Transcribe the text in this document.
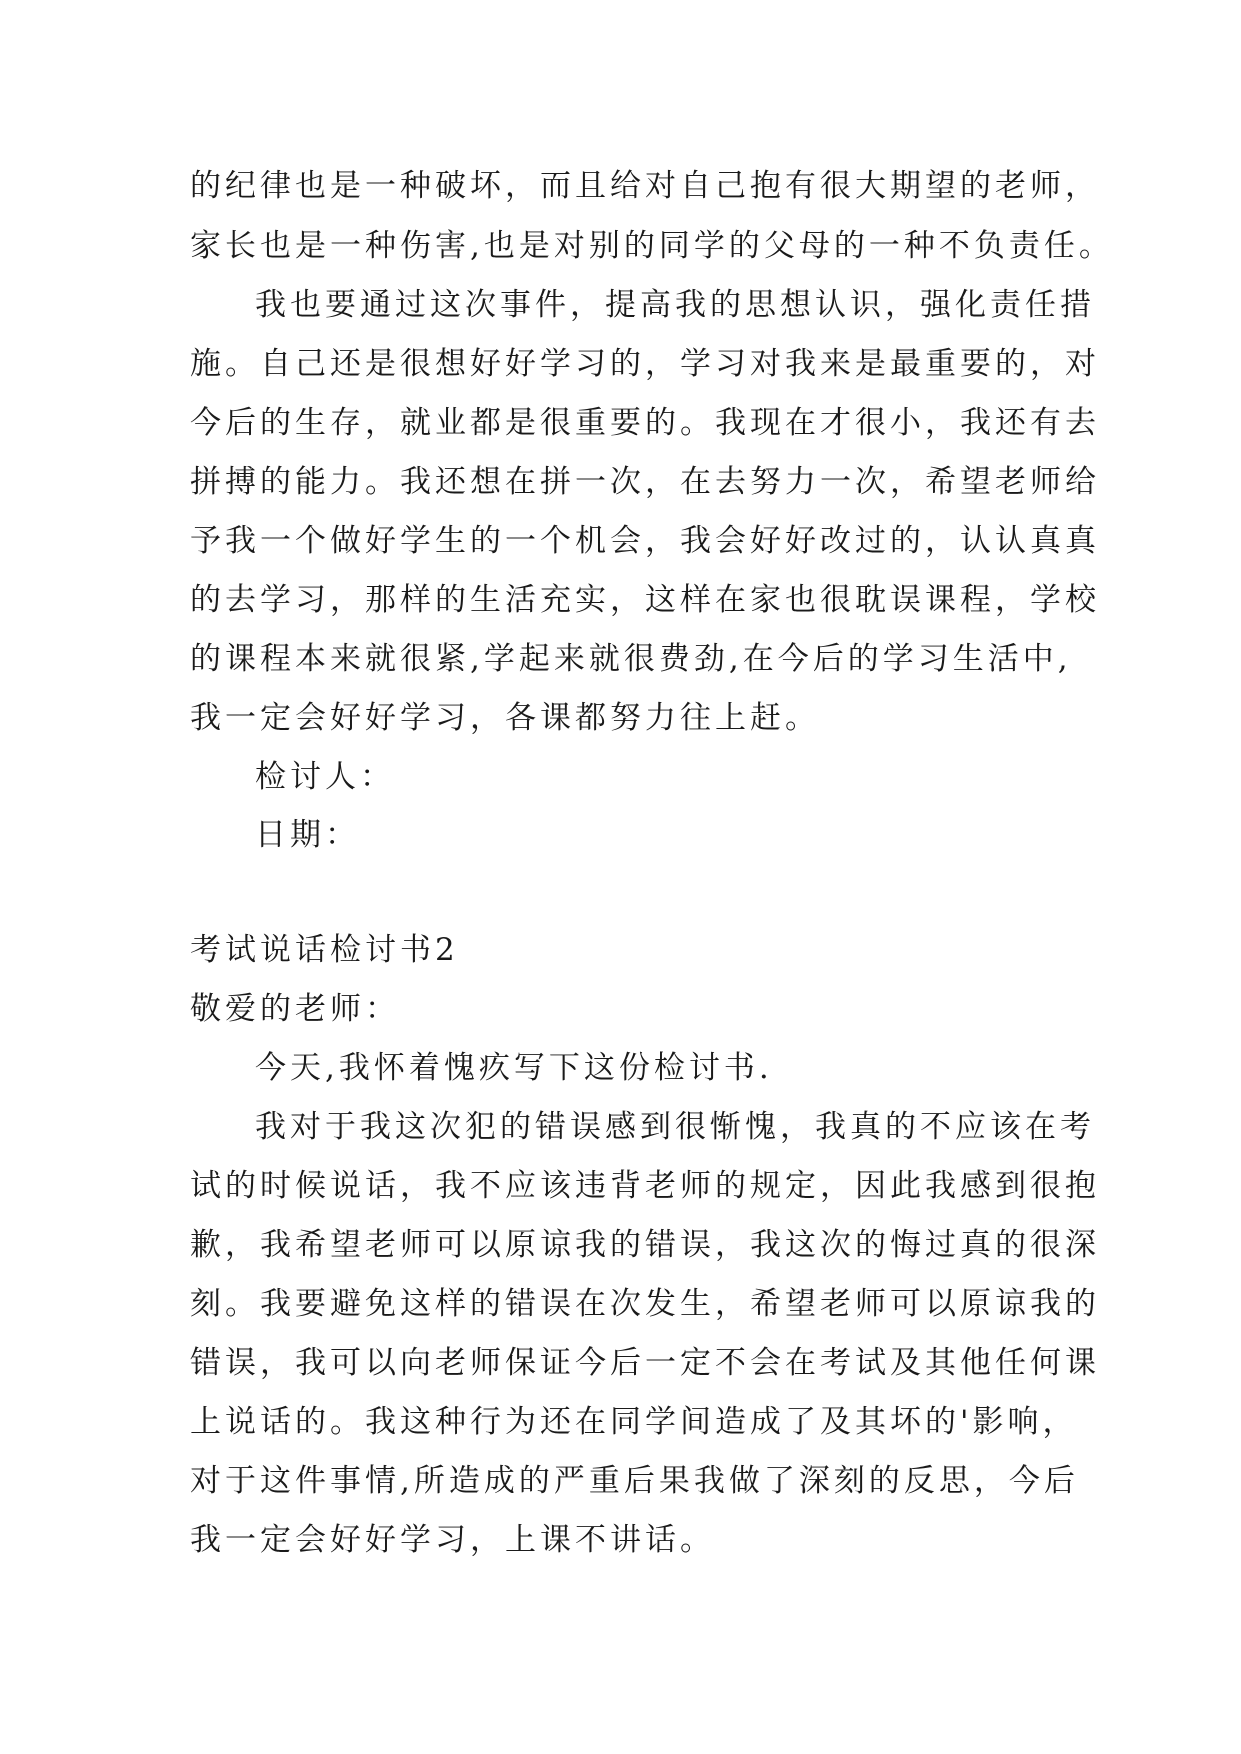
的纪律也是一种破坏，而且给对自己抱有很大期望的老师，
家长也是一种伤害,也是对别的同学的父母的一种不负责任。
我也要通过这次事件，提高我的思想认识，强化责任措
施。自己还是很想好好学习的，学习对我来是最重要的，对
今后的生存，就业都是很重要的。我现在才很小，我还有去
拼搏的能力。我还想在拼一次，在去努力一次，希望老师给
予我一个做好学生的一个机会，我会好好改过的，认认真真
的去学习，那样的生活充实，这样在家也很耽误课程，学校
的课程本来就很紧,学起来就很费劲,在今后的学习生活中,
我一定会好好学习，各课都努力往上赶。
检讨人：
日期：
考试说话检讨书2
敬爱的老师：
今天,我怀着愧疚写下这份检讨书.
我对于我这次犯的错误感到很惭愧，我真的不应该在考
试的时候说话，我不应该违背老师的规定，因此我感到很抱
歉，我希望老师可以原谅我的错误，我这次的悔过真的很深
刻。我要避免这样的错误在次发生，希望老师可以原谅我的
错误，我可以向老师保证今后一定不会在考试及其他任何课
上说话的。我这种行为还在同学间造成了及其坏的'影响，
对于这件事情,所造成的严重后果我做了深刻的反思，今后
我一定会好好学习，上课不讲话。
